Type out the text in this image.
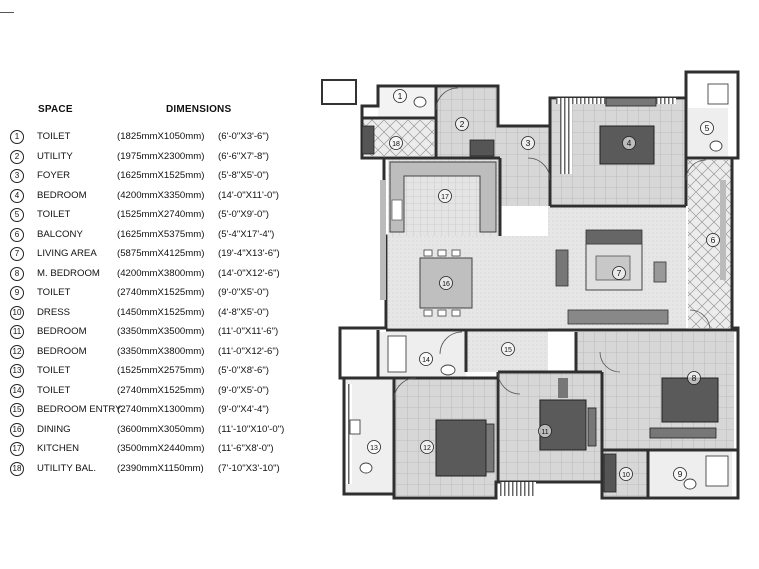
SPACE	DIMENSIONS
1	TOILET	(1825mmX1050mm) (6'-0"X3'-6")
2	UTILITY	(1975mmX2300mm) (6'-6"X7'-8")
3	FOYER	(1625mmX1525mm) (5'-8"X5'-0")
4	BEDROOM	(4200mmX3350mm) (14'-0"X11'-0")
5	TOILET	(1525mmX2740mm) (5'-0"X9'-0")
6	BALCONY	(1625mmX5375mm) (5'-4"X17'-4")
7	LIVING AREA (5875mmX4125mm) (19'-4"X13'-6")
8	M. BEDROOM (4200mmX3800mm) (14'-0"X12'-6")
9	TOILET	(2740mmX1525mm) (9'-0"X5'-0")
10 DRESS	(1450mmX1525mm) (4'-8"X5'-0")
11 BEDROOM	(3350mmX3500mm) (11'-0"X11'-6")
12 BEDROOM	(3350mmX3800mm) (11'-0"X12'-6")
13 TOILET	(1525mmX2575mm) (5'-0"X8'-6")
14 TOILET	(2740mmX1525mm) (9'-0"X5'-0")
15 BEDROOM ENTRY
(2740mmX1300mm) (9'-0"X4'-4")
16 DINING	(3600mmX3050mm) (11'-10"X10'-0")
17 KITCHEN	(3500mmX2440mm) (11'-6"X8'-0")
18 UTILITY BAL. (2390mmX1150mm) (7'-10"X3'-10")
1
2
3	4
5
6
7
8
9
10
11
12
13
14
15
16
17
18
